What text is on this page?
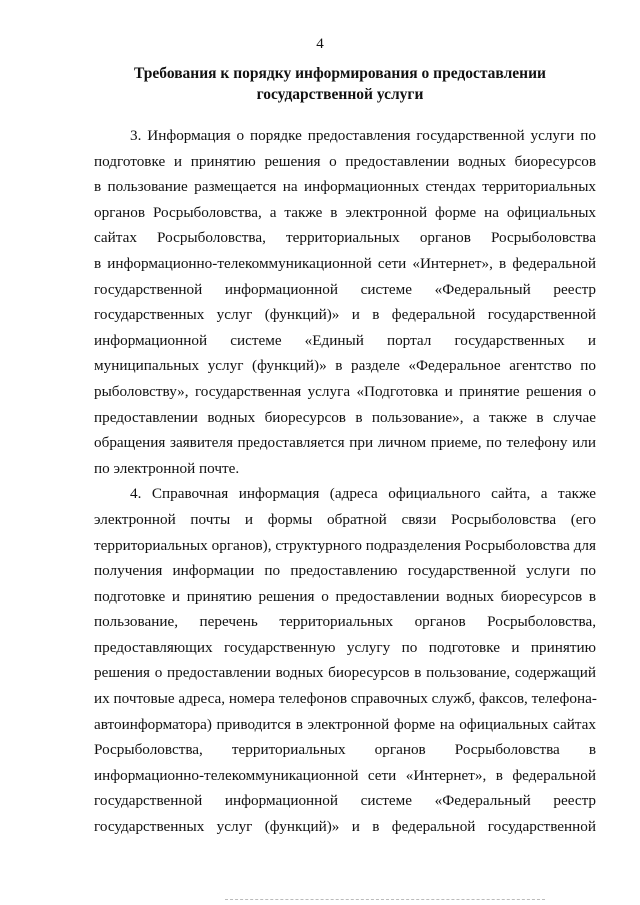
4
Требования к порядку информирования о предоставлении
государственной услуги
3. Информация о порядке предоставления государственной услуги по
подготовке и принятию решения о предоставлении водных биоресурсов
в пользование размещается на информационных стендах территориальных
органов Росрыболовства, а также в электронной форме на официальных
сайтах Росрыболовства, территориальных органов Росрыболовства
в информационно-телекоммуникационной сети «Интернет», в федеральной
государственной информационной системе «Федеральный реестр
государственных услуг (функций)» и в федеральной государственной
информационной системе «Единый портал государственных и
муниципальных услуг (функций)» в разделе «Федеральное агентство по
рыболовству», государственная услуга «Подготовка и принятие решения о
предоставлении водных биоресурсов в пользование», а также в случае
обращения заявителя предоставляется при личном приеме, по телефону или
по электронной почте.
4. Справочная информация (адреса официального сайта, а также
электронной почты и формы обратной связи Росрыболовства (его
территориальных органов), структурного подразделения Росрыболовства для
получения информации по предоставлению государственной услуги по
подготовке и принятию решения о предоставлении водных биоресурсов в
пользование, перечень территориальных органов Росрыболовства,
предоставляющих государственную услугу по подготовке и принятию
решения о предоставлении водных биоресурсов в пользование, содержащий
их почтовые адреса, номера телефонов справочных служб, факсов, телефона-
автоинформатора) приводится в электронной форме на официальных сайтах
Росрыболовства, территориальных органов Росрыболовства в
информационно-телекоммуникационной сети «Интернет», в федеральной
государственной информационной системе «Федеральный реестр
государственных услуг (функций)» и в федеральной государственной
